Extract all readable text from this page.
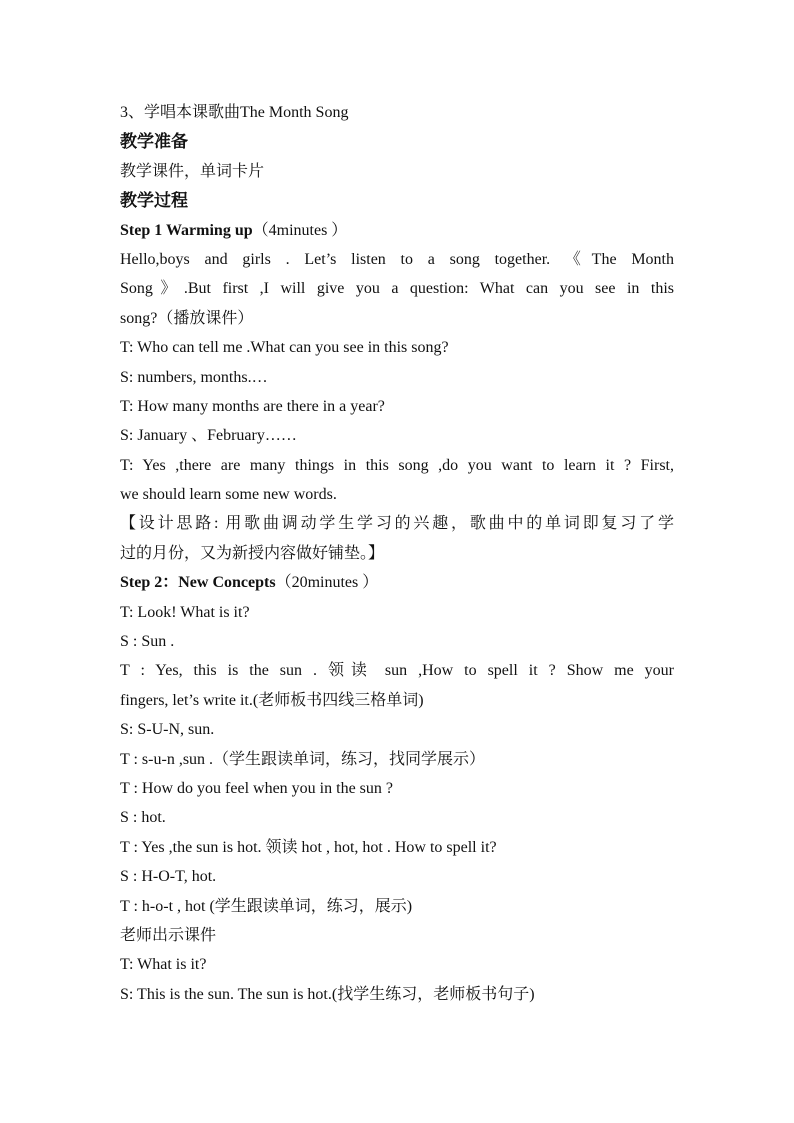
3、学唱本课歌曲The Month Song
教学准备
教学课件，单词卡片
教学过程
Step 1 Warming up（4minutes ）
Hello,boys and girls . Let’s listen to a song together. 《The Month
Song》.But first ,I will give you a question: What can you see in this
song?（播放课件）
T: Who can tell me .What can you see in this song?
S: numbers, months.…
T: How many months are there in a year?
S: January 、February……
T: Yes ,there are many things in this song ,do you want to learn it ? First,
we should learn some new words.
【设计思路: 用歌曲调动学生学习的兴趣，歌曲中的单词即复习了学
过的月份，又为新授内容做好铺垫。】
Step 2：New Concepts（20minutes ）
T: Look! What is it?
S : Sun .
T : Yes, this is the sun . 领读 sun ,How to spell it ? Show me your
fingers, let’s write it.(老师板书四线三格单词)
S: S-U-N, sun.
T : s-u-n ,sun .（学生跟读单词，练习，找同学展示）
T : How do you feel when you in the sun ?
S : hot.
T : Yes ,the sun is hot. 领读 hot , hot, hot . How to spell it?
S : H-O-T, hot.
T : h-o-t , hot (学生跟读单词，练习，展示)
老师出示课件
T: What is it?
S: This is the sun. The sun is hot.(找学生练习，老师板书句子)
